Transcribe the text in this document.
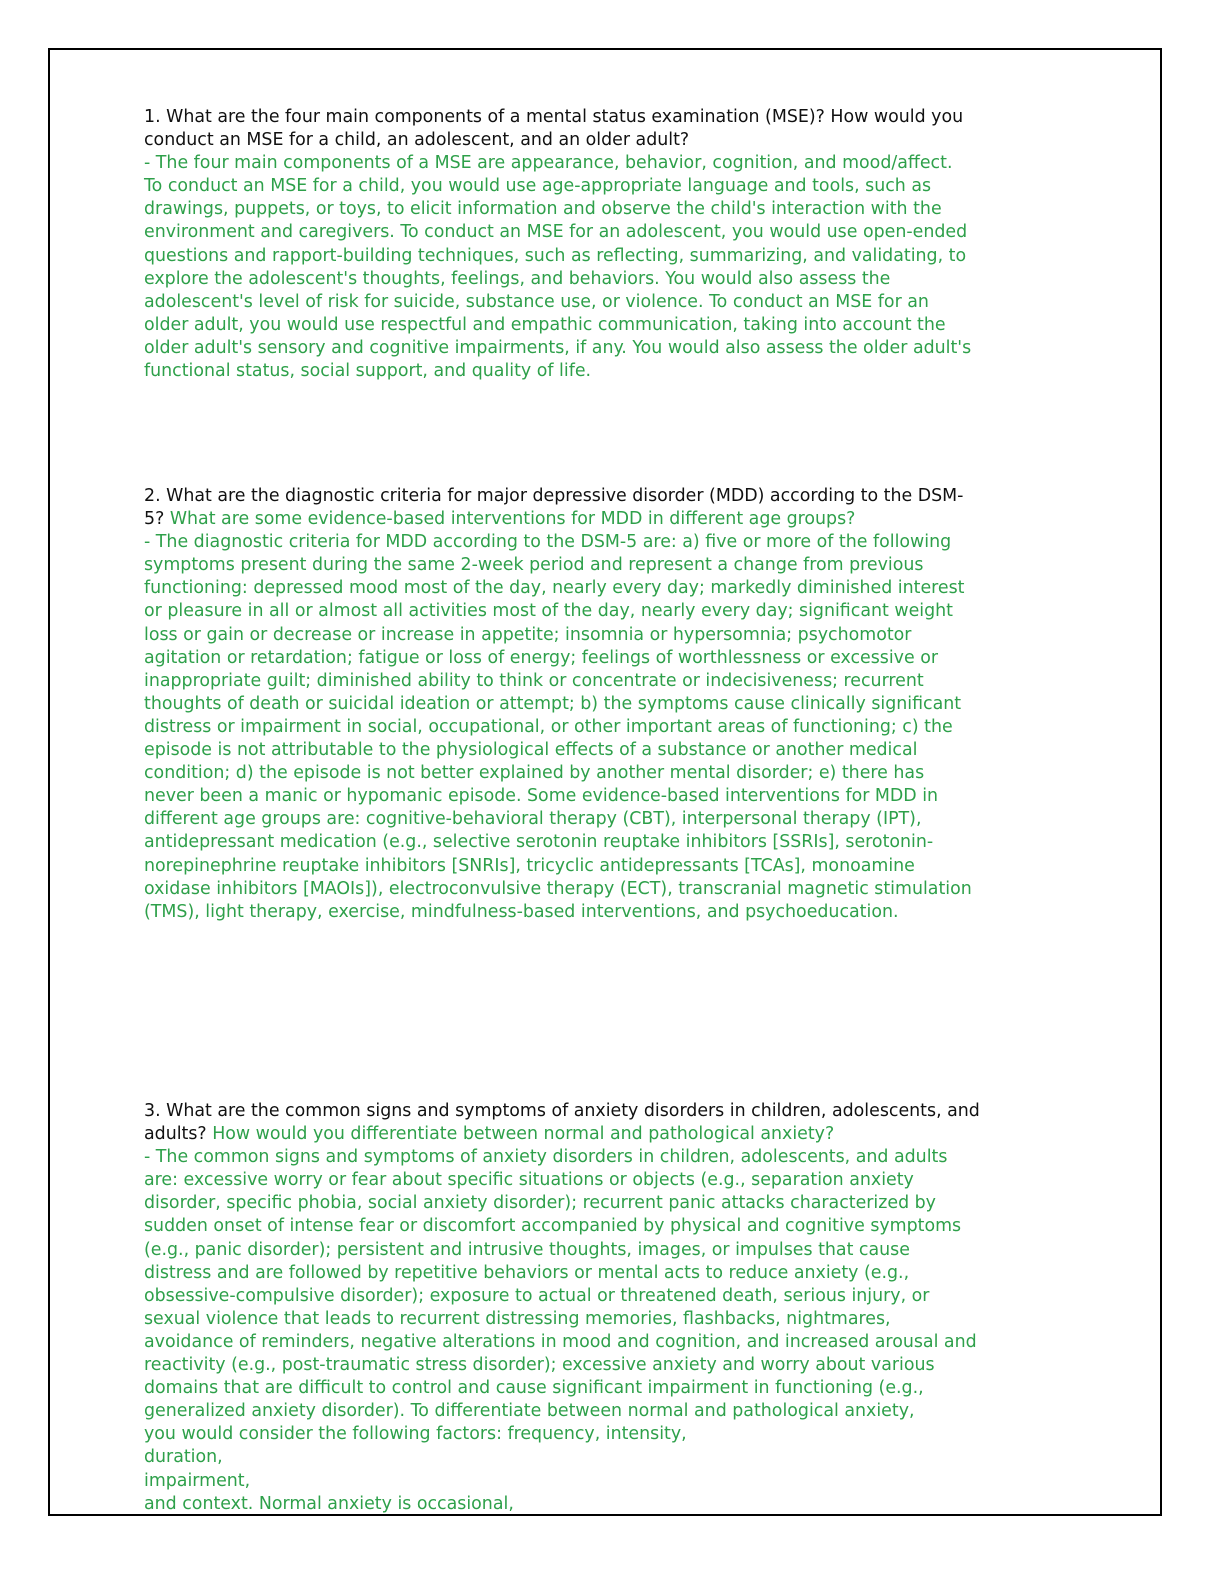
1. What are the four main components of a mental status examination (MSE)? How would you
conduct an MSE for a child, an adolescent, and an older adult?
- The four main components of a MSE are appearance, behavior, cognition, and mood/affect.
To conduct an MSE for a child, you would use age-appropriate language and tools, such as
drawings, puppets, or toys, to elicit information and observe the child's interaction with the
environment and caregivers. To conduct an MSE for an adolescent, you would use open-ended
questions and rapport-building techniques, such as reflecting, summarizing, and validating, to
explore the adolescent's thoughts, feelings, and behaviors. You would also assess the
adolescent's level of risk for suicide, substance use, or violence. To conduct an MSE for an
older adult, you would use respectful and empathic communication, taking into account the
older adult's sensory and cognitive impairments, if any. You would also assess the older adult's
functional status, social support, and quality of life.
2. What are the diagnostic criteria for major depressive disorder (MDD) according to the DSM-
5? What are some evidence-based interventions for MDD in different age groups?
- The diagnostic criteria for MDD according to the DSM-5 are: a) five or more of the following
symptoms present during the same 2-week period and represent a change from previous
functioning: depressed mood most of the day, nearly every day; markedly diminished interest
or pleasure in all or almost all activities most of the day, nearly every day; significant weight
loss or gain or decrease or increase in appetite; insomnia or hypersomnia; psychomotor
agitation or retardation; fatigue or loss of energy; feelings of worthlessness or excessive or
inappropriate guilt; diminished ability to think or concentrate or indecisiveness; recurrent
thoughts of death or suicidal ideation or attempt; b) the symptoms cause clinically significant
distress or impairment in social, occupational, or other important areas of functioning; c) the
episode is not attributable to the physiological effects of a substance or another medical
condition; d) the episode is not better explained by another mental disorder; e) there has
never been a manic or hypomanic episode. Some evidence-based interventions for MDD in
different age groups are: cognitive-behavioral therapy (CBT), interpersonal therapy (IPT),
antidepressant medication (e.g., selective serotonin reuptake inhibitors [SSRIs], serotonin-
norepinephrine reuptake inhibitors [SNRIs], tricyclic antidepressants [TCAs], monoamine
oxidase inhibitors [MAOIs]), electroconvulsive therapy (ECT), transcranial magnetic stimulation
(TMS), light therapy, exercise, mindfulness-based interventions, and psychoeducation.
3. What are the common signs and symptoms of anxiety disorders in children, adolescents, and
adults? How would you differentiate between normal and pathological anxiety?
- The common signs and symptoms of anxiety disorders in children, adolescents, and adults
are: excessive worry or fear about specific situations or objects (e.g., separation anxiety
disorder, specific phobia, social anxiety disorder); recurrent panic attacks characterized by
sudden onset of intense fear or discomfort accompanied by physical and cognitive symptoms
(e.g., panic disorder); persistent and intrusive thoughts, images, or impulses that cause
distress and are followed by repetitive behaviors or mental acts to reduce anxiety (e.g.,
obsessive-compulsive disorder); exposure to actual or threatened death, serious injury, or
sexual violence that leads to recurrent distressing memories, flashbacks, nightmares,
avoidance of reminders, negative alterations in mood and cognition, and increased arousal and
reactivity (e.g., post-traumatic stress disorder); excessive anxiety and worry about various
domains that are difficult to control and cause significant impairment in functioning (e.g.,
generalized anxiety disorder). To differentiate between normal and pathological anxiety,
you would consider the following factors: frequency, intensity,
duration,
impairment,
and context. Normal anxiety is occasional,
